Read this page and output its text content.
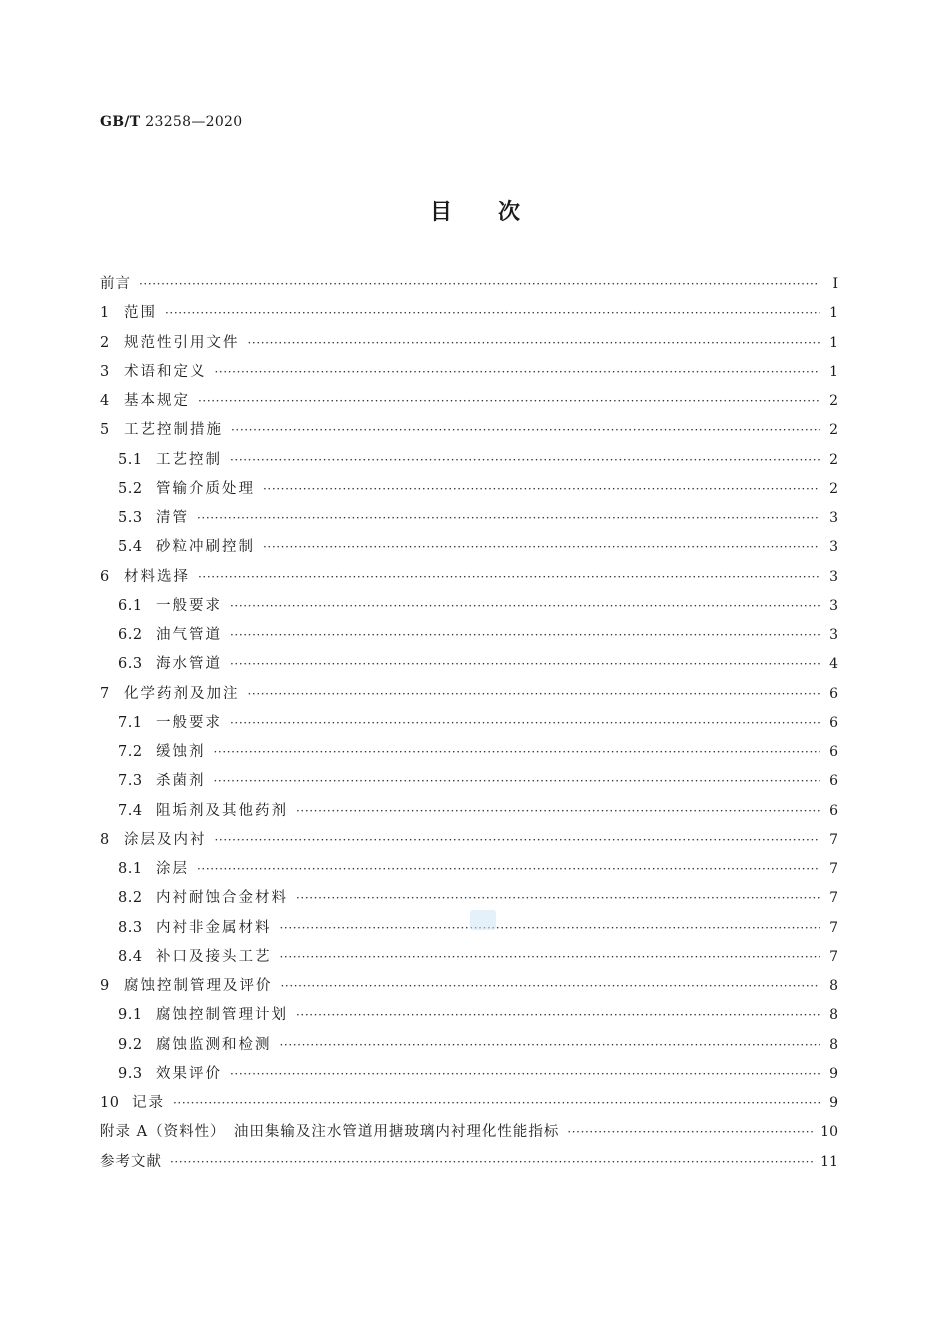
GB/T 23258—2020
目次
前言 ·····	Ⅰ
1 范围 ·····	1
2 规范性引用文件 ·····	1
3 术语和定义 ·····	1
4 基本规定 ·····	2
5 工艺控制措施 ·····	2
5.1 工艺控制 ·····	2
5.2 管输介质处理 ·····	2
5.3 清管 ·····	3
5.4 砂粒冲刷控制 ·····	3
6 材料选择 ·····	3
6.1 一般要求 ·····	3
6.2 油气管道 ·····	3
6.3 海水管道 ·····	4
7 化学药剂及加注 ·····	6
7.1 一般要求 ·····	6
7.2 缓蚀剂 ·····	6
7.3 杀菌剂 ·····	6
7.4 阻垢剂及其他药剂 ·····	6
8 涂层及内衬 ·····	7
8.1 涂层 ·····	7
8.2 内衬耐蚀合金材料 ·····	7
8.3 内衬非金属材料 ·····	7
8.4 补口及接头工艺 ·····	7
9 腐蚀控制管理及评价 ·····	8
9.1 腐蚀控制管理计划 ·····	8
9.2 腐蚀监测和检测 ·····	8
9.3 效果评价 ·····	9
10 记录 ·····	9
附录 A（资料性）　油田集输及注水管道用搪玻璃内衬理化性能指标 ·····	10
参考文献 ·····	11
